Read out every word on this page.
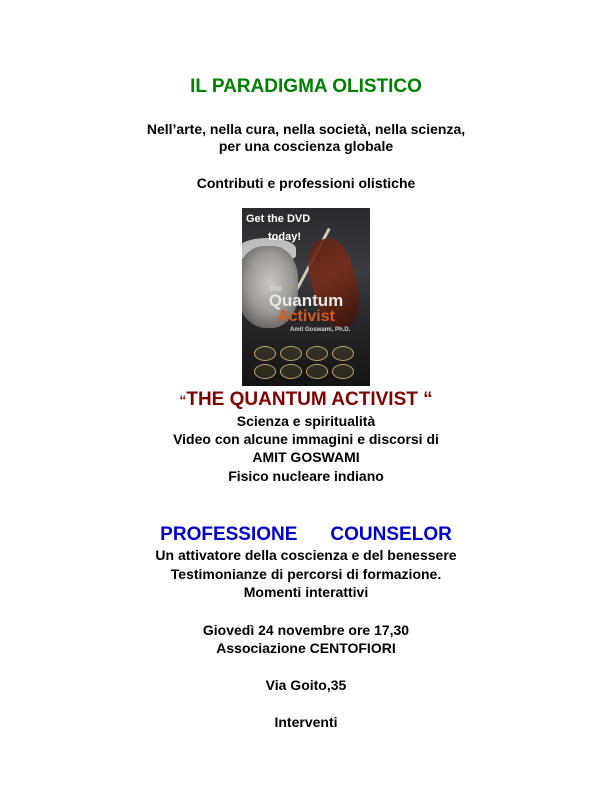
IL PARADIGMA OLISTICO
Nell’arte, nella cura, nella società, nella scienza,
per una coscienza globale
Contributi e professioni olistiche
Get the DVD
today!
the
Quantum
Activist
Amit Goswami, Ph.D.
“THE QUANTUM ACTIVIST “
Scienza e spiritualità
Video con alcune immagini e discorsi di
AMIT GOSWAMI
Fisico nucleare indiano
PROFESSIONE COUNSELOR
Un attivatore della coscienza e del benessere
Testimonianze di percorsi di formazione.
Momenti interattivi
Giovedì 24 novembre ore 17,30
Associazione CENTOFIORI
Via Goito,35
Interventi
